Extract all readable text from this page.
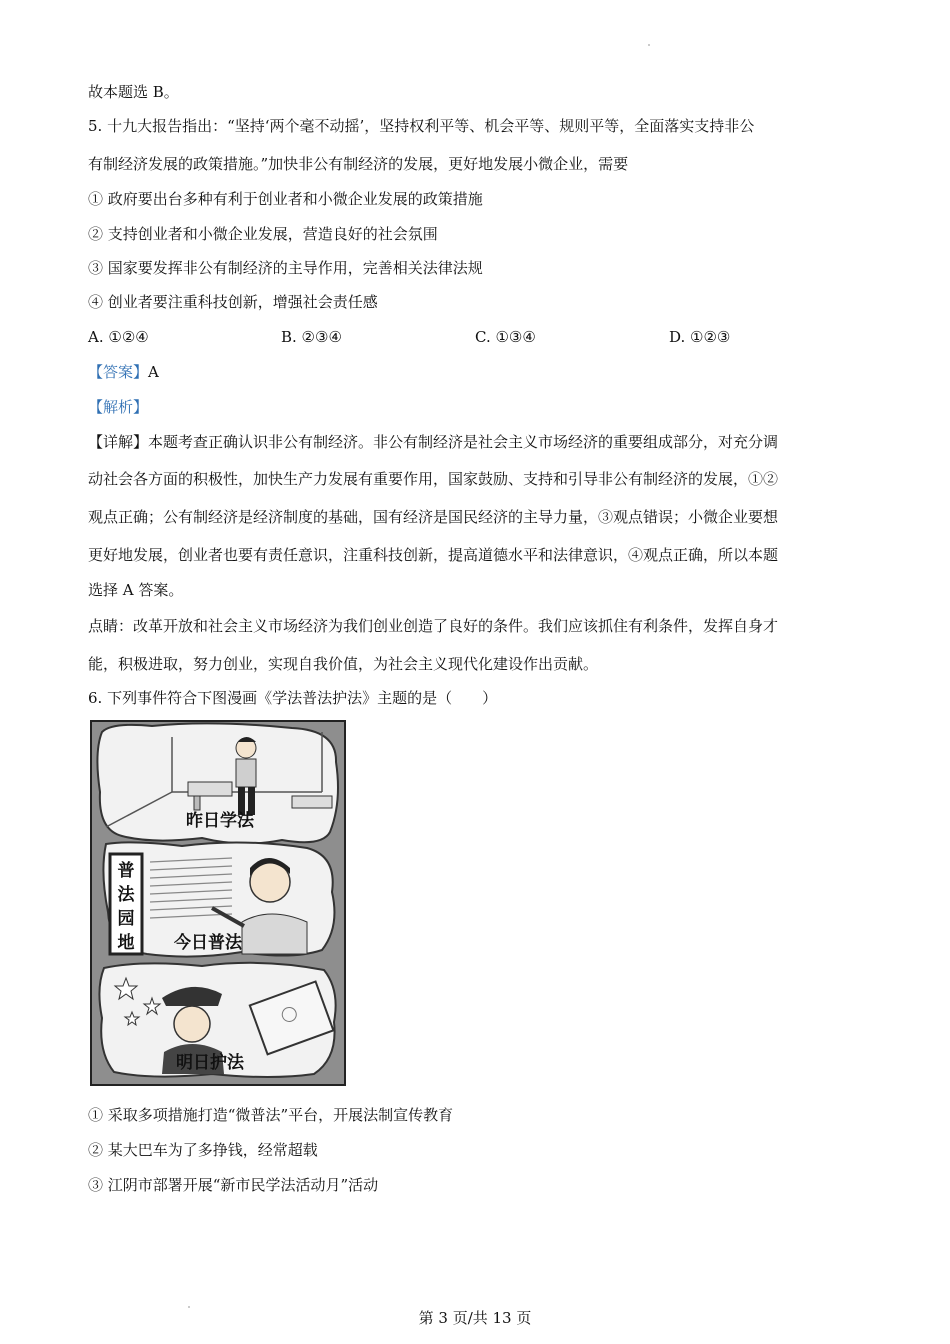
故本题选 B。
5. 十九大报告指出：“坚持‘两个毫不动摇’，坚持权利平等、机会平等、规则平等，全面落实支持非公
有制经济发展的政策措施。”加快非公有制经济的发展，更好地发展小微企业，需要
① 政府要出台多种有利于创业者和小微企业发展的政策措施
② 支持创业者和小微企业发展，营造良好的社会氛围
③ 国家要发挥非公有制经济的主导作用，完善相关法律法规
④ 创业者要注重科技创新，增强社会责任感
A. ①②④	B. ②③④	C. ①③④	D. ①②③
【答案】A
【解析】
【详解】本题考查正确认识非公有制经济。非公有制经济是社会主义市场经济的重要组成部分，对充分调
动社会各方面的积极性，加快生产力发展有重要作用，国家鼓励、支持和引导非公有制经济的发展，①②
观点正确；公有制经济是经济制度的基础，国有经济是国民经济的主导力量，③观点错误；小微企业要想
更好地发展，创业者也要有责任意识，注重科技创新，提高道德水平和法律意识，④观点正确，所以本题
选择 A 答案。
点睛：改革开放和社会主义市场经济为我们创业创造了良好的条件。我们应该抓住有利条件，发挥自身才
能，积极进取，努力创业，实现自我价值，为社会主义现代化建设作出贡献。
6. 下列事件符合下图漫画《学法普法护法》主题的是（　　）
昨日学法
今日普法
明日护法
普
法
园
地
① 采取多项措施打造“微普法”平台，开展法制宣传教育
② 某大巴车为了多挣钱，经常超载
③ 江阴市部署开展“新市民学法活动月”活动
第 3 页/共 13 页
